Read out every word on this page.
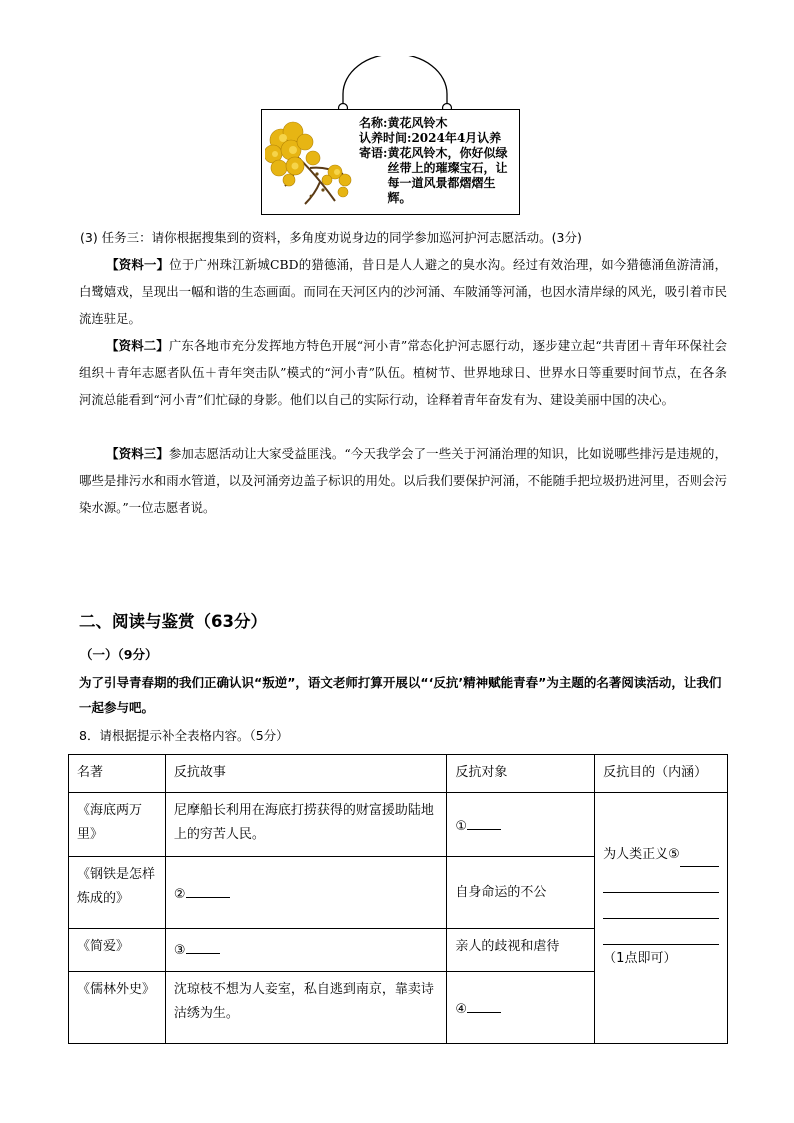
名称: 黄花风铃木
认养时间: 2024年4月认养
寄语: 黄花风铃木，你好似绿丝带上的璀璨宝石，让每一道风景都熠熠生辉。
(3) 任务三：请你根据搜集到的资料，多角度劝说身边的同学参加巡河护河志愿活动。(3分)
【资料一】位于广州珠江新城CBD的猎德涌，昔日是人人避之的臭水沟。经过有效治理，如今猎德涌鱼游清涌，白鹭嬉戏，呈现出一幅和谐的生态画面。而同在天河区内的沙河涌、车陂涌等河涌，也因水清岸绿的风光，吸引着市民流连驻足。
【资料二】广东各地市充分发挥地方特色开展“河小青”常态化护河志愿行动，逐步建立起“共青团＋青年环保社会组织＋青年志愿者队伍＋青年突击队”模式的“河小青”队伍。植树节、世界地球日、世界水日等重要时间节点，在各条河流总能看到“河小青”们忙碌的身影。他们以自己的实际行动，诠释着青年奋发有为、建设美丽中国的决心。
【资料三】参加志愿活动让大家受益匪浅。“今天我学会了一些关于河涌治理的知识，比如说哪些排污是违规的，哪些是排污水和雨水管道，以及河涌旁边盖子标识的用处。以后我们要保护河涌，不能随手把垃圾扔进河里，否则会污染水源。”一位志愿者说。
二、阅读与鉴赏（63分）
（一）（9分）
为了引导青春期的我们正确认识“叛逆”，语文老师打算开展以“‘反抗’精神赋能青春”为主题的名著阅读活动，让我们一起参与吧。
8．请根据提示补全表格内容。（5分）
名著	反抗故事	反抗对象	反抗目的（内涵）
《海底两万里》	尼摩船长利用在海底打捞获得的财富援助陆地上的穷苦人民。	①	为人类正义⑤
（1点即可）

《钢铁是怎样炼成的》	②	自身命运的不公	
《简爱》	③	亲人的歧视和虐待	
《儒林外史》	沈琼枝不想为人妾室，私自逃到南京，靠卖诗沽绣为生。	④	
